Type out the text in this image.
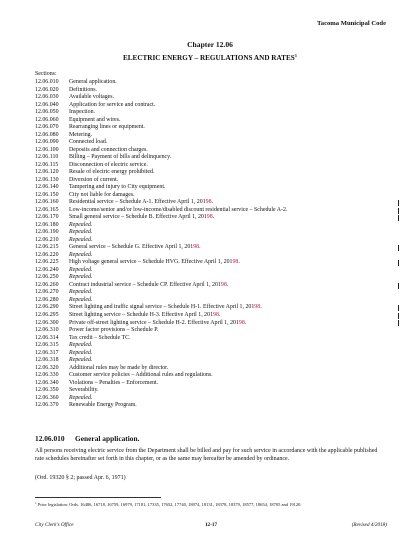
Tacoma Municipal Code
Chapter 12.06
ELECTRIC ENERGY – REGULATIONS AND RATES$^1$
Sections:
12.06.010	General application.
12.06.020	Definitions.
12.06.030	Available voltages.
12.06.040	Application for service and contract.
12.06.050	Inspection.
12.06.060	Equipment and wires.
12.06.070	Rearranging lines or equipment.
12.06.080	Metering.
12.06.090	Connected load.
12.06.100	Deposits and connection charges.
12.06.110	Billing – Payment of bills and delinquency.
12.06.115	Disconnection of electric service.
12.06.120	Resale of electric energy prohibited.
12.06.130	Diversion of current.
12.06.140	Tampering and injury to City equipment.
12.06.150	City not liable for damages.
12.06.160	Residential service – Schedule A-1. Effective April 1, 20198.
12.06.165	Low-income/senior and/or low-income/disabled discount residential service – Schedule A-2.
12.06.170	Small general service – Schedule B. Effective April 1, 20198.
12.06.180	Repealed.
12.06.190	Repealed.
12.06.210	Repealed.
12.06.215	General service – Schedule G. Effective April 1, 20198.
12.06.220	Repealed.
12.06.225	High voltage general service – Schedule HVG. Effective April 1, 20198.
12.06.240	Repealed.
12.06.250	Repealed.
12.06.260	Contract industrial service – Schedule CP. Effective April 1, 20198.
12.06.270	Repealed.
12.06.280	Repealed.
12.06.290	Street lighting and traffic signal service – Schedule H-1. Effective April 1, 20198.
12.06.295	Street lighting service – Schedule H-3. Effective April 1, 20198.
12.06.300	Private off-street lighting service – Schedule H-2. Effective April 1, 20198.
12.06.310	Power factor provisions – Schedule P.
12.06.314	Tax credit – Schedule TC.
12.06.315	Repealed.
12.06.317	Repealed.
12.06.318	Repealed.
12.06.320	Additional rules may be made by director.
12.06.330	Customer service policies – Additional rules and regulations.
12.06.340	Violations – Penalties – Enforcement.
12.06.350	Severability.
12.06.360	Repealed.
12.06.370	Renewable Energy Program.
12.06.010 General application.
All persons receiving electric service from the Department shall be billed and pay for such service in accordance with the applicable published rate schedules hereinafter set forth in this chapter, or as the same may hereafter be amended by ordinance.
(Ord. 19320 § 2; passed Apr. 6, 1971)
$^1$ Prior legislation: Ords. 16486, 16718, 16759, 16979, 17181, 17335, 17652, 17740, 18074, 18131, 18378, 18379, 18577, 18654, 18705 and 19120.
City Clerk's Office	12-17	(Revised 4/2018)
